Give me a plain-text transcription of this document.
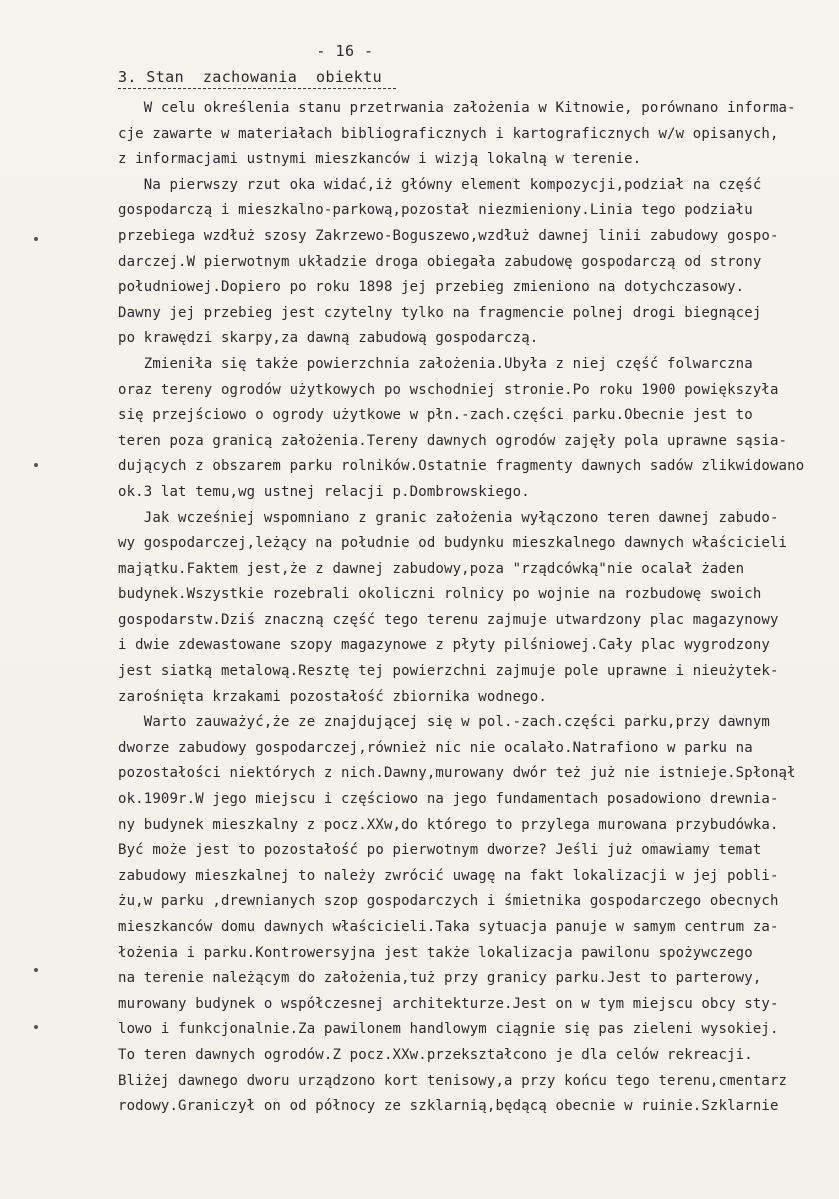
- 16 -
3. Stan  zachowania  obiektu
W celu określenia stanu przetrwania założenia w Kitnowie, porównano informa-
cje zawarte w materiałach bibliograficznych i kartograficznych w/w opisanych,
z informacjami ustnymi mieszkanców i wizją lokalną w terenie.
Na pierwszy rzut oka widać,iż główny element kompozycji,podział na część
gospodarczą i mieszkalno-parkową,pozostał niezmieniony.Linia tego podziału
przebiega wzdłuż szosy Zakrzewo-Boguszewo,wzdłuż dawnej linii zabudowy gospo-
darczej.W pierwotnym układzie droga obiegała zabudowę gospodarczą od strony
południowej.Dopiero po roku 1898 jej przebieg zmieniono na dotychczasowy.
Dawny jej przebieg jest czytelny tylko na fragmencie polnej drogi biegnącej
po krawędzi skarpy,za dawną zabudową gospodarczą.
Zmieniła się także powierzchnia założenia.Ubyła z niej część folwarczna
oraz tereny ogrodów użytkowych po wschodniej stronie.Po roku 1900 powiększyła
się przejściowo o ogrody użytkowe w płn.-zach.części parku.Obecnie jest to
teren poza granicą założenia.Tereny dawnych ogrodów zajęły pola uprawne sąsia-
dujących z obszarem parku rolników.Ostatnie fragmenty dawnych sadów zlikwidowano
ok.3 lat temu,wg ustnej relacji p.Dombrowskiego.
Jak wcześniej wspomniano z granic założenia wyłączono teren dawnej zabudo-
wy gospodarczej,leżący na południe od budynku mieszkalnego dawnych właścicieli
majątku.Faktem jest,że z dawnej zabudowy,poza "rządcówką"nie ocalał żaden
budynek.Wszystkie rozebrali okoliczni rolnicy po wojnie na rozbudowę swoich
gospodarstw.Dziś znaczną część tego terenu zajmuje utwardzony plac magazynowy
i dwie zdewastowane szopy magazynowe z płyty pilśniowej.Cały plac wygrodzony
jest siatką metalową.Resztę tej powierzchni zajmuje pole uprawne i nieużytek-
zarośnięta krzakami pozostałość zbiornika wodnego.
Warto zauważyć,że ze znajdującej się w pol.-zach.części parku,przy dawnym
dworze zabudowy gospodarczej,również nic nie ocalało.Natrafiono w parku na
pozostałości niektórych z nich.Dawny,murowany dwór też już nie istnieje.Spłonął
ok.1909r.W jego miejscu i częściowo na jego fundamentach posadowiono drewnia-
ny budynek mieszkalny z pocz.XXw,do którego to przylega murowana przybudówka.
Być może jest to pozostałość po pierwotnym dworze? Jeśli już omawiamy temat
zabudowy mieszkalnej to należy zwrócić uwagę na fakt lokalizacji w jej pobli-
żu,w parku ,drewnianych szop gospodarczych i śmietnika gospodarczego obecnych
mieszkanców domu dawnych właścicieli.Taka sytuacja panuje w samym centrum za-
łożenia i parku.Kontrowersyjna jest także lokalizacja pawilonu spożywczego
na terenie należącym do założenia,tuż przy granicy parku.Jest to parterowy,
murowany budynek o współczesnej architekturze.Jest on w tym miejscu obcy sty-
lowo i funkcjonalnie.Za pawilonem handlowym ciągnie się pas zieleni wysokiej.
To teren dawnych ogrodów.Z pocz.XXw.przekształcono je dla celów rekreacji.
Bliżej dawnego dworu urządzono kort tenisowy,a przy końcu tego terenu,cmentarz
rodowy.Graniczył on od północy ze szklarnią,będącą obecnie w ruinie.Szklarnie
